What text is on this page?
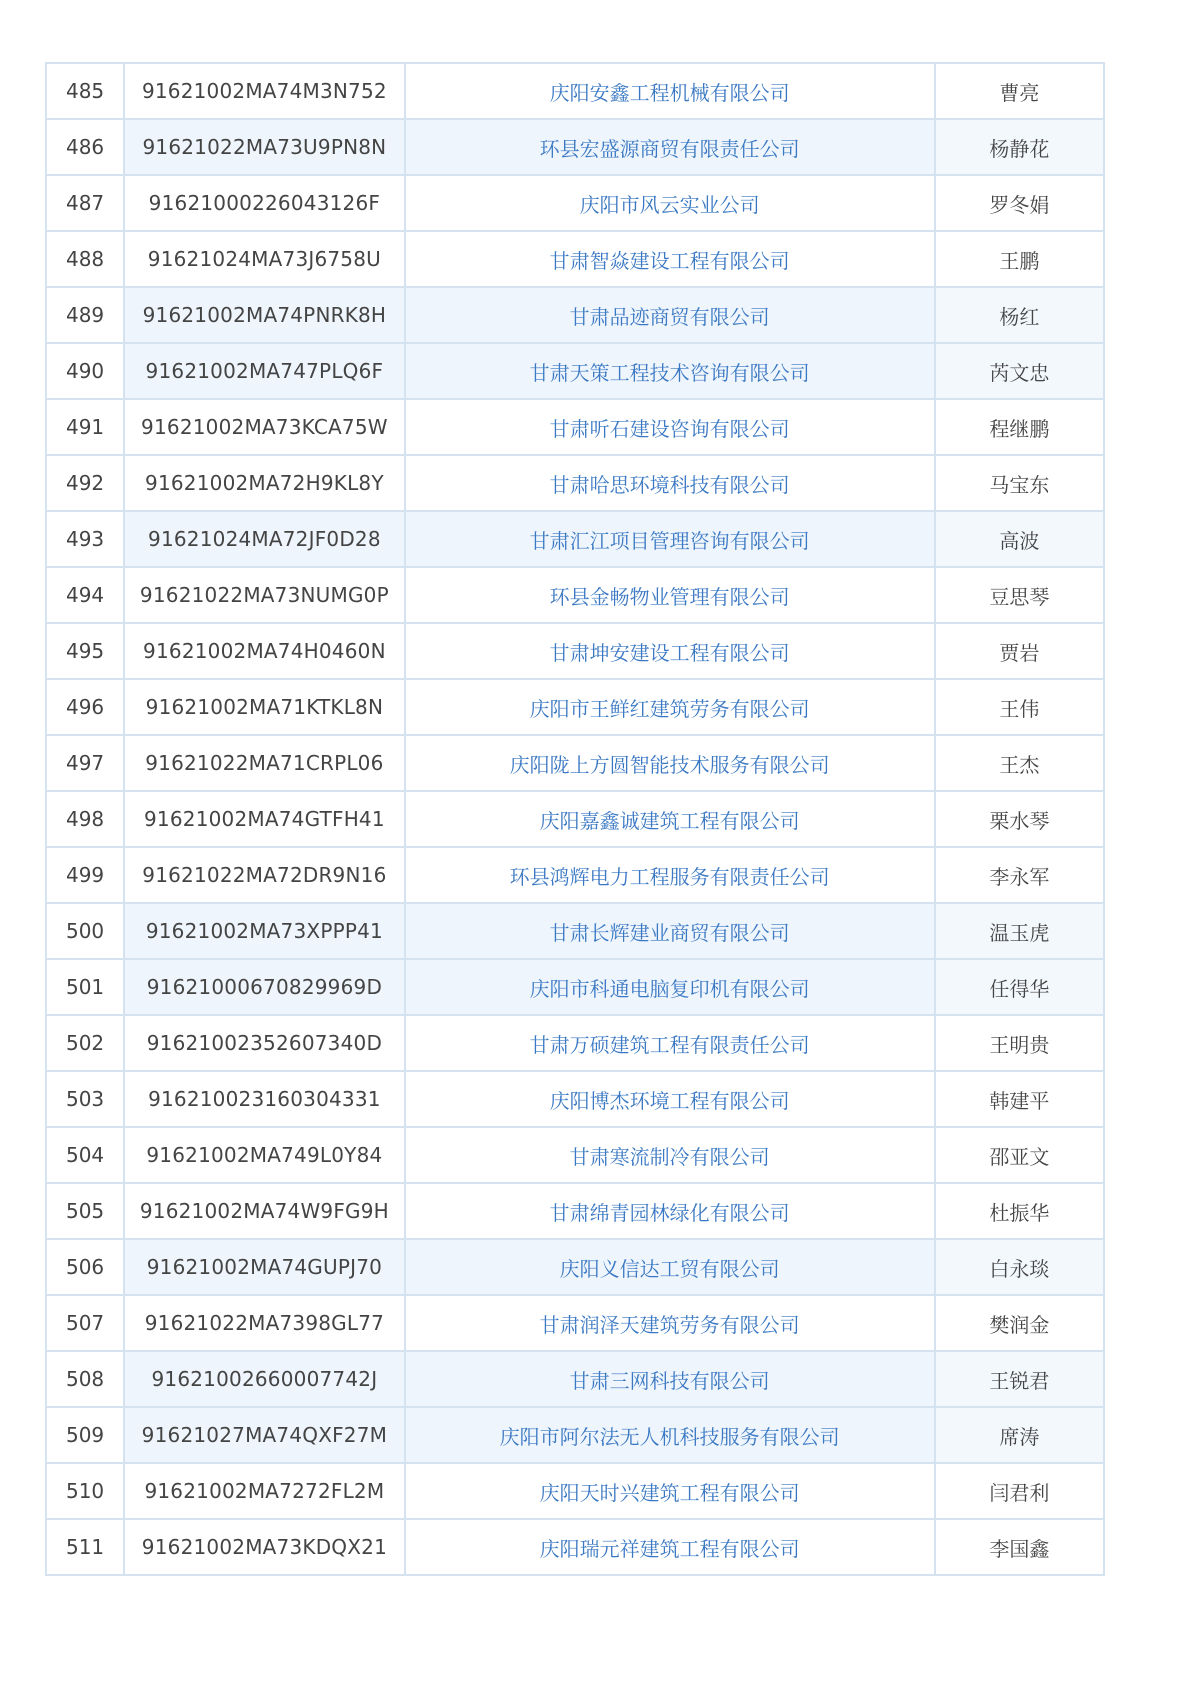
485	91621002MA74M3N752	庆阳安鑫工程机械有限公司	曹亮
486	91621022MA73U9PN8N	环县宏盛源商贸有限责任公司	杨静花
487	91621000226043126F	庆阳市风云实业公司	罗冬娟
488	91621024MA73J6758U	甘肃智焱建设工程有限公司	王鹏
489	91621002MA74PNRK8H	甘肃品迹商贸有限公司	杨红
490	91621002MA747PLQ6F	甘肃天策工程技术咨询有限公司	芮文忠
491	91621002MA73KCA75W	甘肃听石建设咨询有限公司	程继鹏
492	91621002MA72H9KL8Y	甘肃哈思环境科技有限公司	马宝东
493	91621024MA72JF0D28	甘肃汇江项目管理咨询有限公司	高波
494	91621022MA73NUMG0P	环县金畅物业管理有限公司	豆思琴
495	91621002MA74H0460N	甘肃坤安建设工程有限公司	贾岩
496	91621002MA71KTKL8N	庆阳市王鲜红建筑劳务有限公司	王伟
497	91621022MA71CRPL06	庆阳陇上方圆智能技术服务有限公司	王杰
498	91621002MA74GTFH41	庆阳嘉鑫诚建筑工程有限公司	栗水琴
499	91621022MA72DR9N16	环县鸿辉电力工程服务有限责任公司	李永军
500	91621002MA73XPPP41	甘肃长辉建业商贸有限公司	温玉虎
501	91621000670829969D	庆阳市科通电脑复印机有限公司	任得华
502	91621002352607340D	甘肃万硕建筑工程有限责任公司	王明贵
503	916210023160304331	庆阳博杰环境工程有限公司	韩建平
504	91621002MA749L0Y84	甘肃寒流制冷有限公司	邵亚文
505	91621002MA74W9FG9H	甘肃绵青园林绿化有限公司	杜振华
506	91621002MA74GUPJ70	庆阳义信达工贸有限公司	白永琰
507	91621022MA7398GL77	甘肃润泽天建筑劳务有限公司	樊润金
508	91621002660007742J	甘肃三网科技有限公司	王锐君
509	91621027MA74QXF27M	庆阳市阿尔法无人机科技服务有限公司	席涛
510	91621002MA7272FL2M	庆阳天时兴建筑工程有限公司	闫君利
511	91621002MA73KDQX21	庆阳瑞元祥建筑工程有限公司	李国鑫
